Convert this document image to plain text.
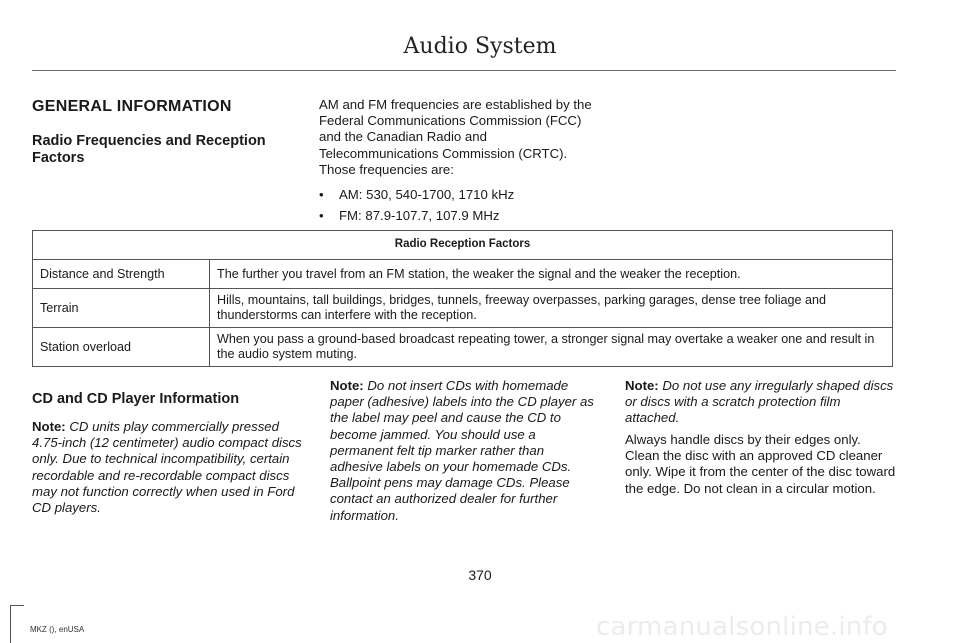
Audio System
GENERAL INFORMATION
Radio Frequencies and Reception Factors
AM and FM frequencies are established by the Federal Communications Commission (FCC) and the Canadian Radio and Telecommunications Commission (CRTC). Those frequencies are:
• AM: 530, 540-1700, 1710 kHz
• FM: 87.9-107.7, 107.9 MHz
Radio Reception Factors	
Distance and Strength	The further you travel from an FM station, the weaker the signal and the weaker the reception.
Terrain	Hills, mountains, tall buildings, bridges, tunnels, freeway overpasses, parking garages, dense tree foliage and thunderstorms can interfere with the reception.
Station overload	When you pass a ground-based broadcast repeating tower, a stronger signal may overtake a weaker one and result in the audio system muting.
CD and CD Player Information
Note: CD units play commercially pressed 4.75-inch (12 centimeter) audio compact discs only. Due to technical incompatibility, certain recordable and re-recordable compact discs may not function correctly when used in Ford CD players.
Note: Do not insert CDs with homemade paper (adhesive) labels into the CD player as the label may peel and cause the CD to become jammed. You should use a permanent felt tip marker rather than adhesive labels on your homemade CDs. Ballpoint pens may damage CDs. Please contact an authorized dealer for further information.
Note: Do not use any irregularly shaped discs or discs with a scratch protection film attached.
Always handle discs by their edges only. Clean the disc with an approved CD cleaner only. Wipe it from the center of the disc toward the edge. Do not clean in a circular motion.
370
MKZ (), enUSA	carmanualsonline.info
